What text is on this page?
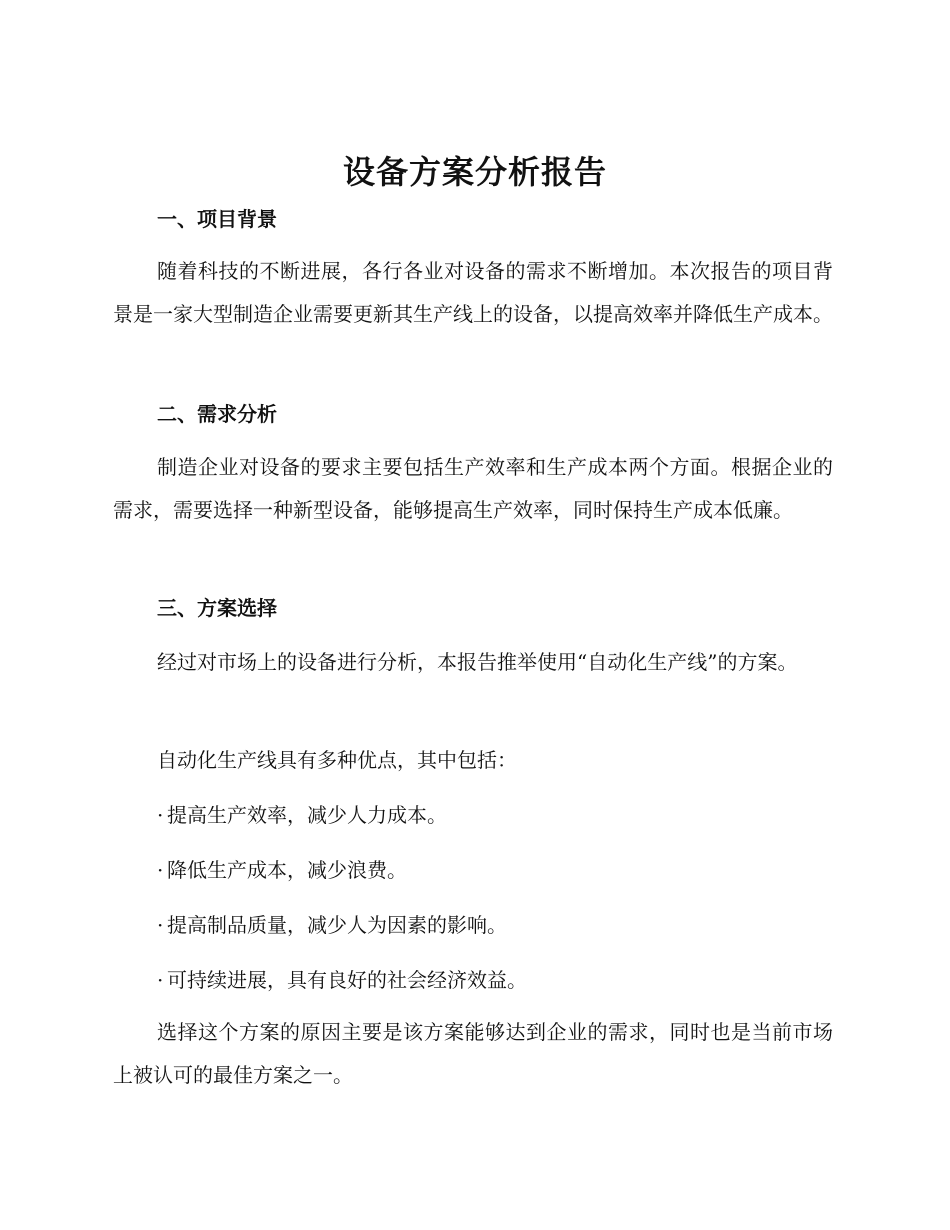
设备方案分析报告
一、项目背景

随着科技的不断进展，各行各业对设备的需求不断增加。本次报告的项目背景是一家大型制造企业需要更新其生产线上的设备，以提高效率并降低生产成本。

二、需求分析

制造企业对设备的要求主要包括生产效率和生产成本两个方面。根据企业的需求，需要选择一种新型设备，能够提高生产效率，同时保持生产成本低廉。

三、方案选择

经过对市场上的设备进行分析，本报告推举使用“自动化生产线”的方案。

自动化生产线具有多种优点，其中包括：
· 提高生产效率，减少人力成本。
· 降低生产成本，减少浪费。
· 提高制品质量，减少人为因素的影响。
· 可持续进展，具有良好的社会经济效益。

选择这个方案的原因主要是该方案能够达到企业的需求，同时也是当前市场上被认可的最佳方案之一。
